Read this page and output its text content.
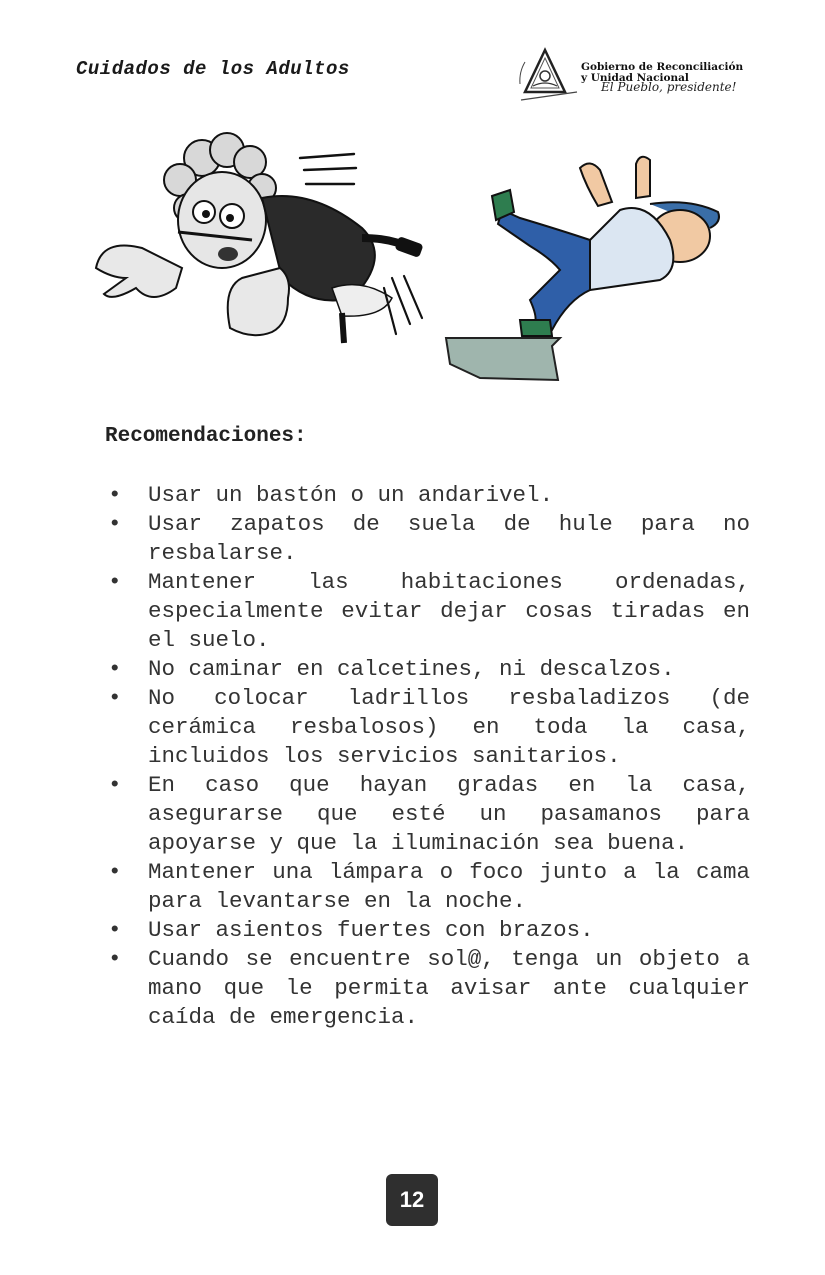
Cuidados de los Adultos	Gobierno de Reconciliación
y Unidad Nacional
El Pueblo, presidente!
Recomendaciones:
• Usar un bastón o un andarivel.
• Usar zapatos de suela de hule para no resbalarse.
• Mantener las habitaciones ordenadas, especialmente evitar dejar cosas tiradas en el suelo.
• No caminar en calcetines, ni descalzos.
• No colocar ladrillos resbaladizos (de cerámica resbalosos) en toda la casa, incluidos los servicios sanitarios.
• En caso que hayan gradas en la casa, asegurarse que esté un pasamanos para apoyarse y que la iluminación sea buena.
• Mantener una lámpara o foco junto a la cama para levantarse en la noche.
• Usar asientos fuertes con brazos.
• Cuando se encuentre sol@, tenga un objeto a mano que le permita avisar ante cualquier caída de emergencia.
12
